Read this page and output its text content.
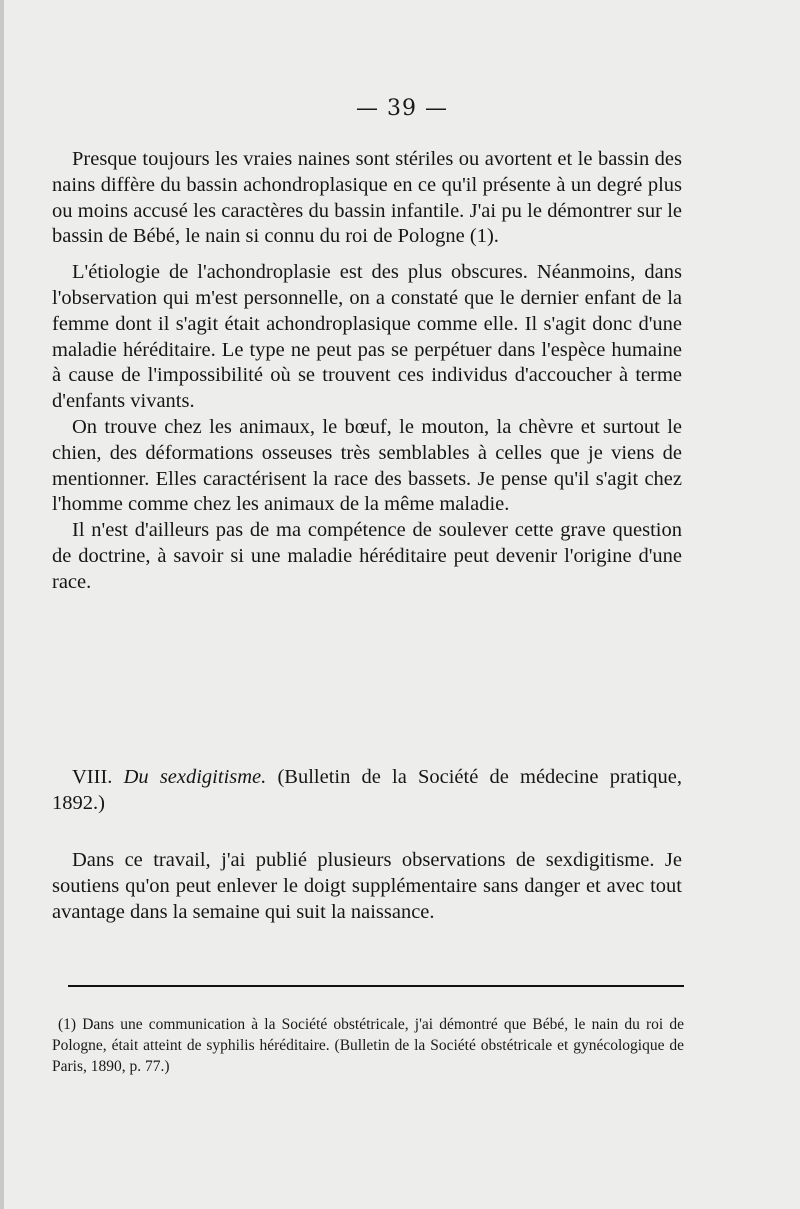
— 39 —

Presque toujours les vraies naines sont stériles ou avortent et le bassin des nains diffère du bassin achondroplasique en ce qu'il présente à un degré plus ou moins accusé les caractères du bassin infantile. J'ai pu le démontrer sur le bassin de Bébé, le nain si connu du roi de Pologne (1).

L'étiologie de l'achondroplasie est des plus obscures. Néanmoins, dans l'observation qui m'est personnelle, on a constaté que le dernier enfant de la femme dont il s'agit était achondroplasique comme elle. Il s'agit donc d'une maladie héréditaire. Le type ne peut pas se perpétuer dans l'espèce humaine à cause de l'impossibilité où se trouvent ces individus d'accoucher à terme d'enfants vivants.

On trouve chez les animaux, le bœuf, le mouton, la chèvre et surtout le chien, des déformations osseuses très semblables à celles que je viens de mentionner. Elles caractérisent la race des bassets. Je pense qu'il s'agit chez l'homme comme chez les animaux de la même maladie.

Il n'est d'ailleurs pas de ma compétence de soulever cette grave question de doctrine, à savoir si une maladie héréditaire peut devenir l'origine d'une race.

VIII. Du sexdigitisme. (Bulletin de la Société de médecine pratique, 1892.)

Dans ce travail, j'ai publié plusieurs observations de sexdigitisme. Je soutiens qu'on peut enlever le doigt supplémentaire sans danger et avec tout avantage dans la semaine qui suit la naissance.

(1) Dans une communication à la Société obstétricale, j'ai démontré que Bébé, le nain du roi de Pologne, était atteint de syphilis héréditaire. (Bulletin de la Société obstétricale et gynécologique de Paris, 1890, p. 77.)
